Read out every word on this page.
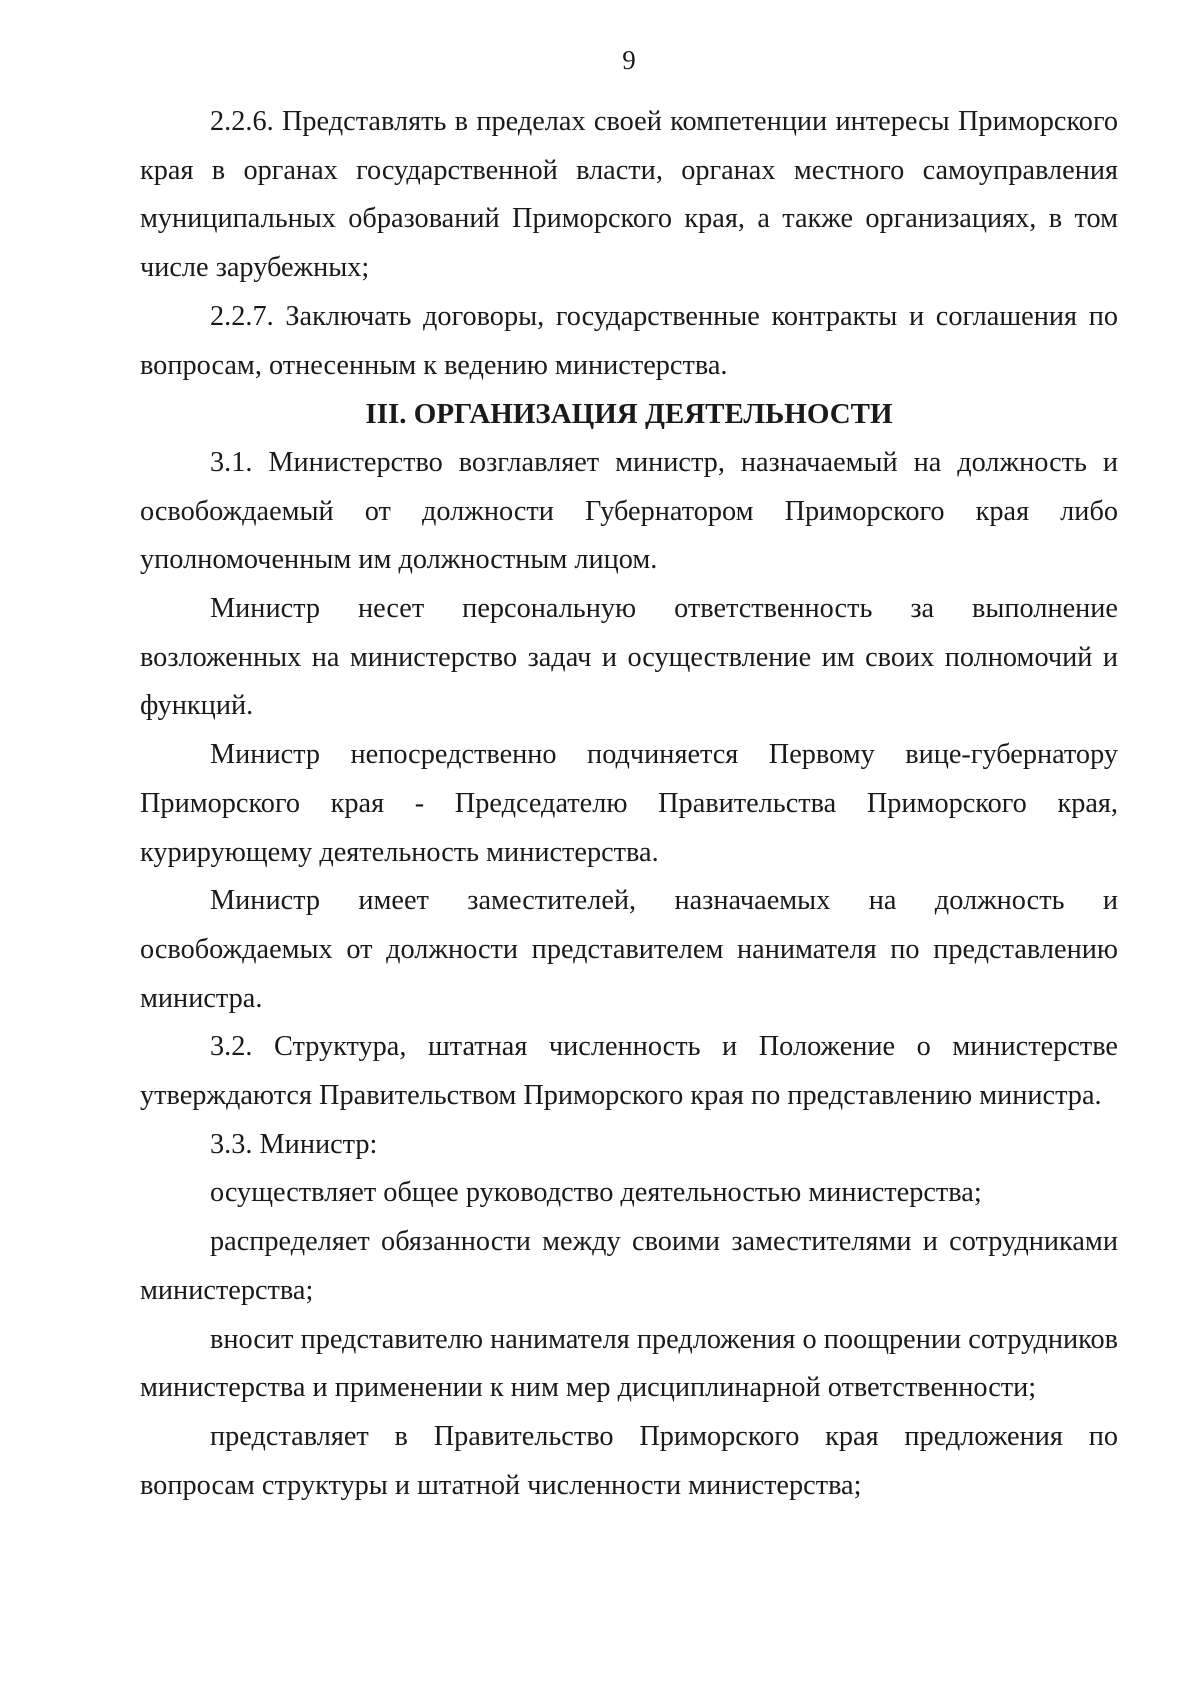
9

2.2.6. Представлять в пределах своей компетенции интересы Приморского края в органах государственной власти, органах местного самоуправления муниципальных образований Приморского края, а также организациях, в том числе зарубежных;

2.2.7. Заключать договоры, государственные контракты и соглашения по вопросам, отнесенным к ведению министерства.

III. ОРГАНИЗАЦИЯ ДЕЯТЕЛЬНОСТИ

3.1. Министерство возглавляет министр, назначаемый на должность и освобождаемый от должности Губернатором Приморского края либо уполномоченным им должностным лицом.

Министр несет персональную ответственность за выполнение возложенных на министерство задач и осуществление им своих полномочий и функций.

Министр непосредственно подчиняется Первому вице-губернатору Приморского края - Председателю Правительства Приморского края, курирующему деятельность министерства.

Министр имеет заместителей, назначаемых на должность и освобождаемых от должности представителем нанимателя по представлению министра.

3.2. Структура, штатная численность и Положение о министерстве утверждаются Правительством Приморского края по представлению министра.

3.3. Министр:

осуществляет общее руководство деятельностью министерства;

распределяет обязанности между своими заместителями и сотрудниками министерства;

вносит представителю нанимателя предложения о поощрении сотрудников министерства и применении к ним мер дисциплинарной ответственности;

представляет в Правительство Приморского края предложения по вопросам структуры и штатной численности министерства;
